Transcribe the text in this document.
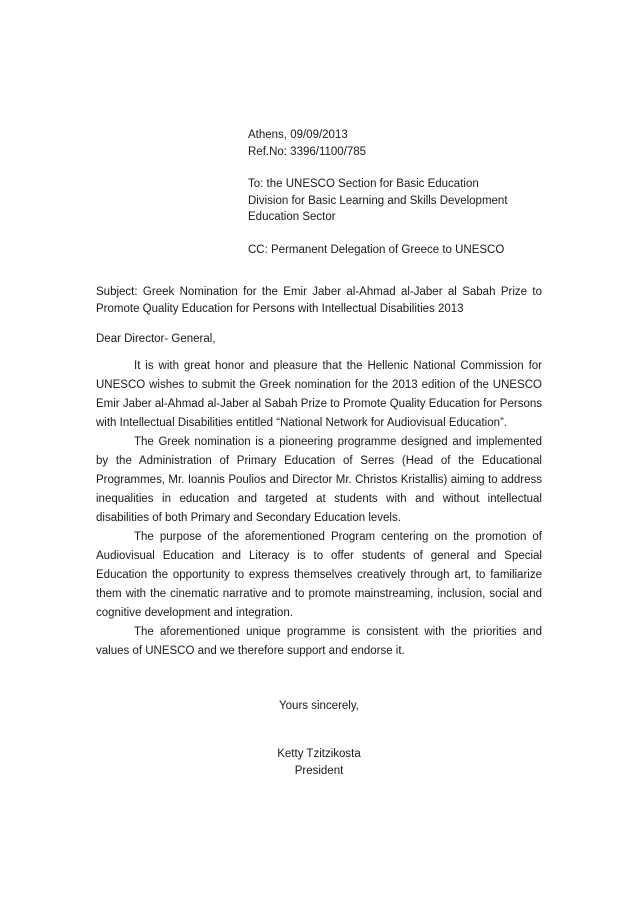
Athens, 09/09/2013
Ref.No: 3396/1100/785
To: the UNESCO Section for Basic Education
Division for Basic Learning and Skills Development
Education Sector
CC: Permanent Delegation of Greece to UNESCO
Subject: Greek Nomination for the Emir Jaber al-Ahmad al-Jaber al Sabah Prize to Promote Quality Education for Persons with Intellectual Disabilities 2013
Dear Director- General,

It is with great honor and pleasure that the Hellenic National Commission for UNESCO wishes to submit the Greek nomination for the 2013 edition of the UNESCO Emir Jaber al-Ahmad al-Jaber al Sabah Prize to Promote Quality Education for Persons with Intellectual Disabilities entitled “National Network for Audiovisual Education”.

The Greek nomination is a pioneering programme designed and implemented by the Administration of Primary Education of Serres (Head of the Educational Programmes, Mr. Ioannis Poulios and Director Mr. Christos Kristallis) aiming to address inequalities in education and targeted at students with and without intellectual disabilities of both Primary and Secondary Education levels.

The purpose of the aforementioned Program centering on the promotion of Audiovisual Education and Literacy is to offer students of general and Special Education the opportunity to express themselves creatively through art, to familiarize them with the cinematic narrative and to promote mainstreaming, inclusion, social and cognitive development and integration.

The aforementioned unique programme is consistent with the priorities and values of UNESCO and we therefore support and endorse it.

Yours sincerely,
Ketty Tzitzikosta
President
